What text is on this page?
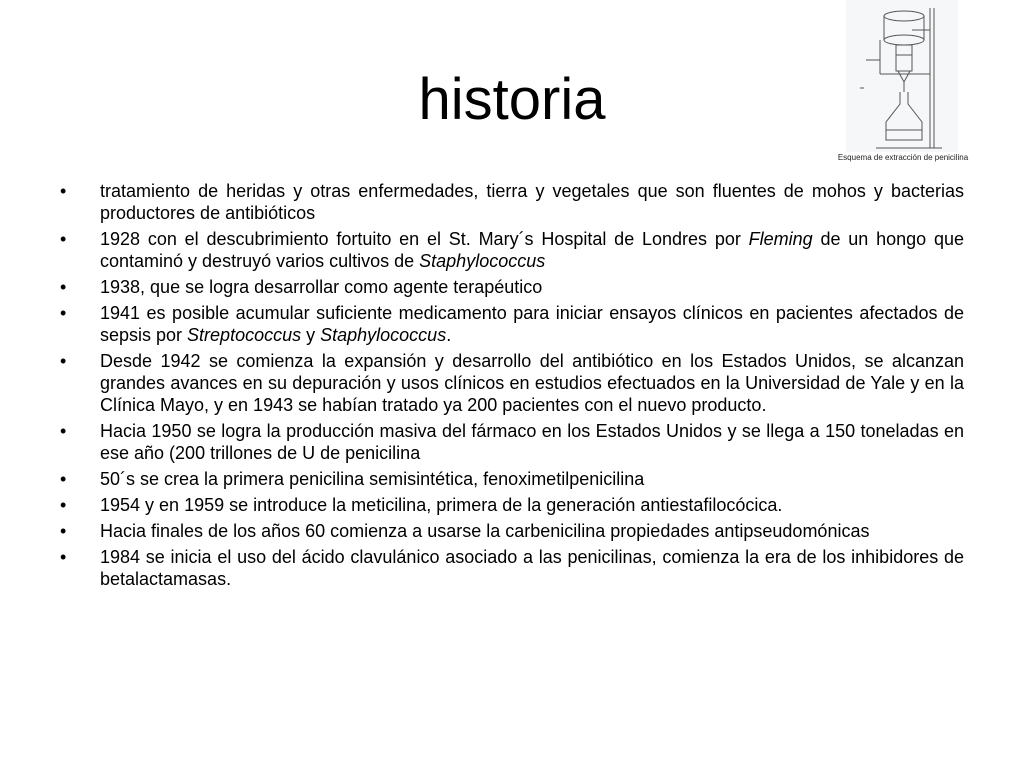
historia
Esquema de extracción de penicilina
•	tratamiento de heridas y otras enfermedades, tierra y vegetales que son fluentes de mohos y bacterias productores de antibióticos
•	1928 con el descubrimiento fortuito en el St. Mary´s Hospital de Londres por Fleming de un hongo que contaminó y destruyó varios cultivos de Staphylococcus
•	1938, que se logra desarrollar como agente terapéutico
•	1941 es posible acumular suficiente medicamento para iniciar ensayos clínicos en pacientes afectados de sepsis por Streptococcus y Staphylococcus.
•	Desde 1942 se comienza la expansión y desarrollo del antibiótico en los Estados Unidos, se alcanzan grandes avances en su depuración y usos clínicos en estudios efectuados en la Universidad de Yale y en la Clínica Mayo, y en 1943 se habían tratado ya 200 pacientes con el nuevo producto.
•	Hacia 1950 se logra la producción masiva del fármaco en los Estados Unidos y se llega a 150 toneladas en ese año (200 trillones de U de penicilina
•	50´s se crea la primera penicilina semisintética, fenoximetilpenicilina
•	1954 y en 1959 se introduce la meticilina, primera de la generación antiestafilocócica.
•	Hacia finales de los años 60 comienza a usarse la carbenicilina propiedades antipseudomónicas
•	1984 se inicia el uso del ácido clavulánico asociado a las penicilinas, comienza la era de los inhibidores de betalactamasas.
